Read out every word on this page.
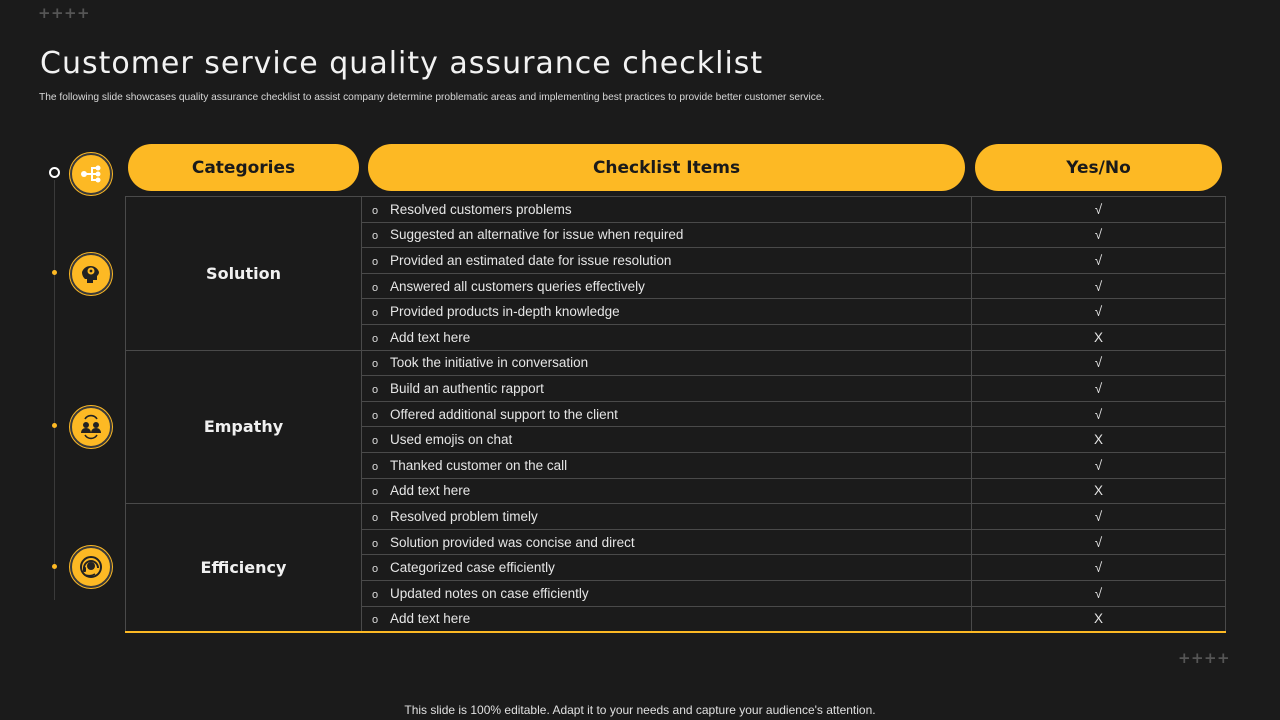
+ + + +
Customer service quality assurance checklist

The following slide showcases quality assurance checklist to assist company determine problematic areas and implementing best practices to provide better customer service.

Categories	Checklist Items	Yes/No
Solution	o Resolved customers problems	√
	o Suggested an alternative for issue when required	√
	o Provided an estimated date for issue resolution	√
	o Answered all customers queries effectively	√
	o Provided products in-depth knowledge	√
	o Add text here	X
Empathy	o Took the initiative in conversation	√
	o Build an authentic rapport	√
	o Offered additional support to the client	√
	o Used emojis on chat	X
	o Thanked customer on the call	√
	o Add text here	X
Efficiency	o Resolved problem timely	√
	o Solution provided was concise and direct	√
	o Categorized case efficiently	√
	o Updated notes on case efficiently	√
	o Add text here	X
+ + + +

This slide is 100% editable. Adapt it to your needs and capture your audience's attention.
